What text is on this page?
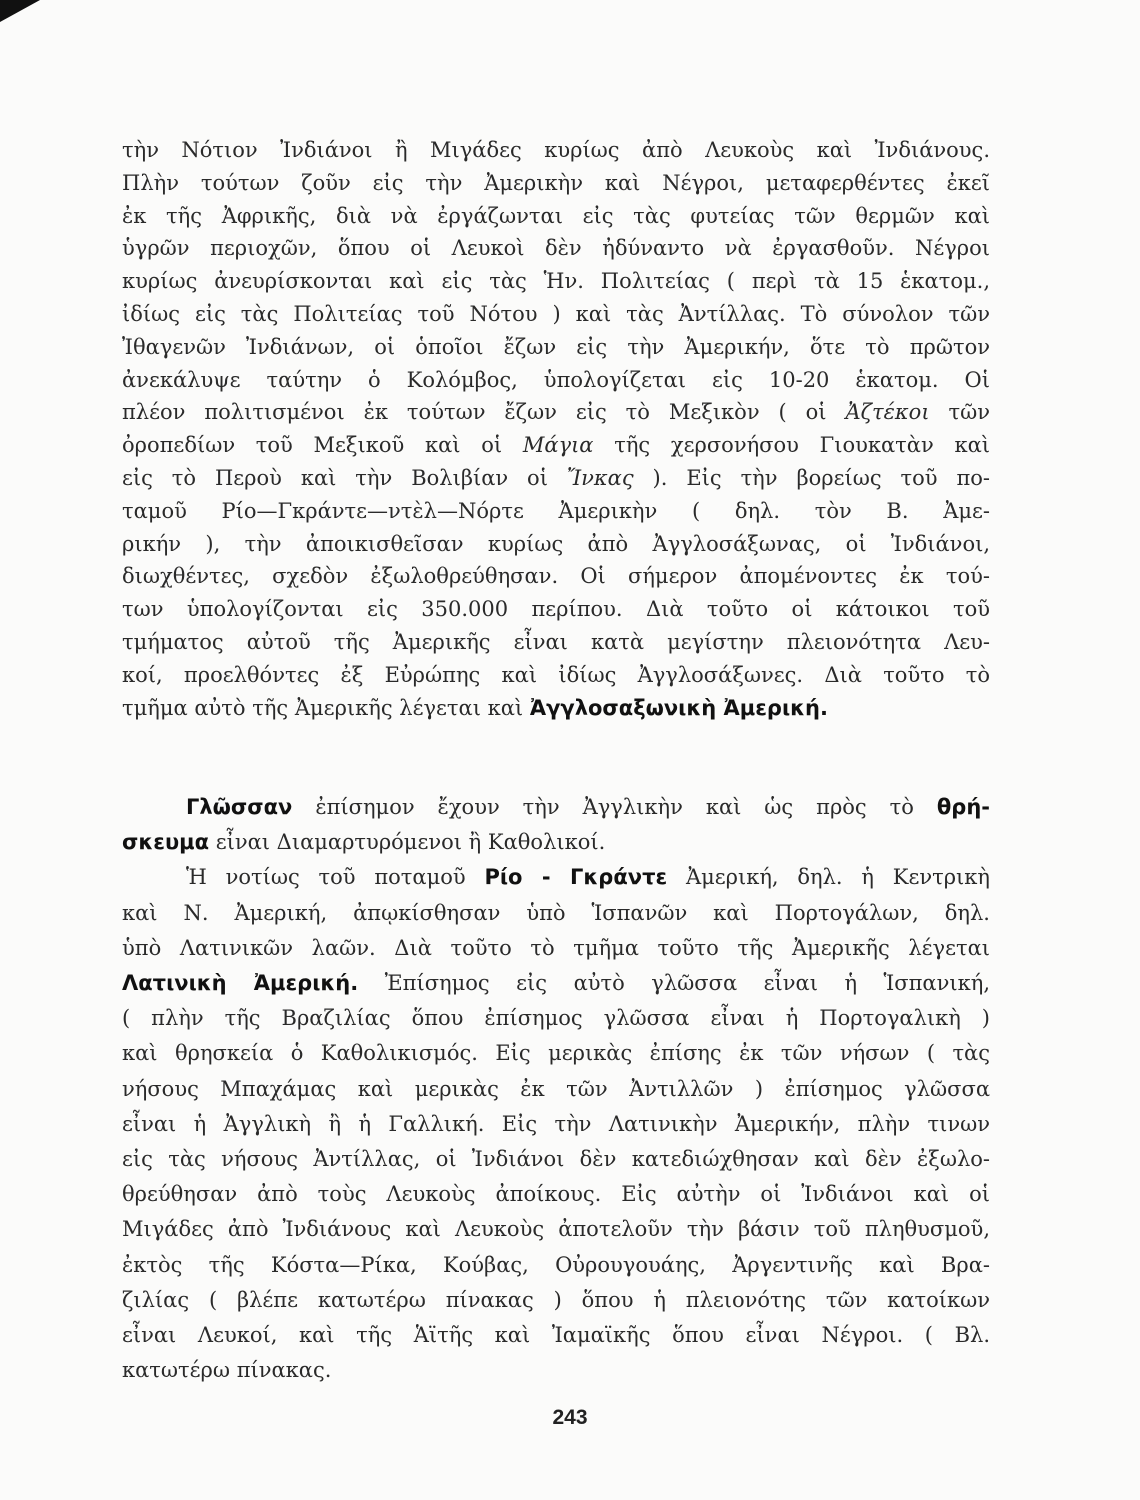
τὴν Νότιον Ἰνδιάνοι ἢ Μιγάδες κυρίως ἀπὸ Λευκοὺς καὶ Ἰνδιάνους.
Πλὴν τούτων ζοῦν εἰς τὴν Ἀμερικὴν καὶ Νέγροι, μεταφερθέντες ἐκεῖ
ἐκ τῆς Ἀφρικῆς, διὰ νὰ ἐργάζωνται εἰς τὰς φυτείας τῶν θερμῶν καὶ
ὑγρῶν περιοχῶν, ὅπου οἱ Λευκοὶ δὲν ἠδύναντο νὰ ἐργασθοῦν. Νέγροι
κυρίως ἀνευρίσκονται καὶ εἰς τὰς Ἡν. Πολιτείας ( περὶ τὰ 15 ἑκατομ.,
ἰδίως εἰς τὰς Πολιτείας τοῦ Νότου ) καὶ τὰς Ἀντίλλας. Τὸ σύνολον τῶν
Ἰθαγενῶν Ἰνδιάνων, οἱ ὁποῖοι ἔζων εἰς τὴν Ἀμερικήν, ὅτε τὸ πρῶτον
ἀνεκάλυψε ταύτην ὁ Κολόμβος, ὑπολογίζεται εἰς 10-20 ἑκατομ. Οἱ
πλέον πολιτισμένοι ἐκ τούτων ἔζων εἰς τὸ Μεξικὸν ( οἱ Ἀζτέκοι τῶν
ὀροπεδίων τοῦ Μεξικοῦ καὶ οἱ Μάγια τῆς χερσονήσου Γιουκατὰν καὶ
εἰς τὸ Περοὺ καὶ τὴν Βολιβίαν οἱ Ἴνκας ). Εἰς τὴν βορείως τοῦ πο-
ταμοῦ Ρίο—Γκράντε—ντὲλ—Νόρτε Ἀμερικὴν ( δηλ. τὸν Β. Ἀμε-
ρικήν ), τὴν ἀποικισθεῖσαν κυρίως ἀπὸ Ἀγγλοσάξωνας, οἱ Ἰνδιάνοι,
διωχθέντες, σχεδὸν ἐξωλοθρεύθησαν. Οἱ σήμερον ἀπομένοντες ἐκ τού-
των ὑπολογίζονται εἰς 350.000 περίπου. Διὰ τοῦτο οἱ κάτοικοι τοῦ
τμήματος αὐτοῦ τῆς Ἀμερικῆς εἶναι κατὰ μεγίστην πλειονότητα Λευ-
κοί, προελθόντες ἐξ Εὐρώπης καὶ ἰδίως Ἀγγλοσάξωνες. Διὰ τοῦτο τὸ
τμῆμα αὐτὸ τῆς Ἀμερικῆς λέγεται καὶ Ἀγγλοσαξωνικὴ Ἀμερική.
Γλῶσσαν ἐπίσημον ἔχουν τὴν Ἀγγλικὴν καὶ ὡς πρὸς τὸ θρή-
σκευμα εἶναι Διαμαρτυρόμενοι ἢ Καθολικοί.
Ἡ νοτίως τοῦ ποταμοῦ Ρίο - Γκράντε Ἀμερική, δηλ. ἡ Κεντρικὴ
καὶ Ν. Ἀμερική, ἀπῳκίσθησαν ὑπὸ Ἱσπανῶν καὶ Πορτογάλων, δηλ.
ὑπὸ Λατινικῶν λαῶν. Διὰ τοῦτο τὸ τμῆμα τοῦτο τῆς Ἀμερικῆς λέγεται
Λατινικὴ Ἀμερική. Ἐπίσημος εἰς αὐτὸ γλῶσσα εἶναι ἡ Ἱσπανική,
( πλὴν τῆς Βραζιλίας ὅπου ἐπίσημος γλῶσσα εἶναι ἡ Πορτογαλικὴ )
καὶ θρησκεία ὁ Καθολικισμός. Εἰς μερικὰς ἐπίσης ἐκ τῶν νήσων ( τὰς
νήσους Μπαχάμας καὶ μερικὰς ἐκ τῶν Ἀντιλλῶν ) ἐπίσημος γλῶσσα
εἶναι ἡ Ἀγγλικὴ ἢ ἡ Γαλλική. Εἰς τὴν Λατινικὴν Ἀμερικήν, πλὴν τινων
εἰς τὰς νήσους Ἀντίλλας, οἱ Ἰνδιάνοι δὲν κατεδιώχθησαν καὶ δὲν ἐξωλο-
θρεύθησαν ἀπὸ τοὺς Λευκοὺς ἀποίκους. Εἰς αὐτὴν οἱ Ἰνδιάνοι καὶ οἱ
Μιγάδες ἀπὸ Ἰνδιάνους καὶ Λευκοὺς ἀποτελοῦν τὴν βάσιν τοῦ πληθυσμοῦ,
ἐκτὸς τῆς Κόστα—Ρίκα, Κούβας, Οὐρουγουάης, Ἀργεντινῆς καὶ Βρα-
ζιλίας ( βλέπε κατωτέρω πίνακας ) ὅπου ἡ πλειονότης τῶν κατοίκων
εἶναι Λευκοί, καὶ τῆς Ἁϊτῆς καὶ Ἰαμαϊκῆς ὅπου εἶναι Νέγροι. ( Βλ.
κατωτέρω πίνακας.
243
